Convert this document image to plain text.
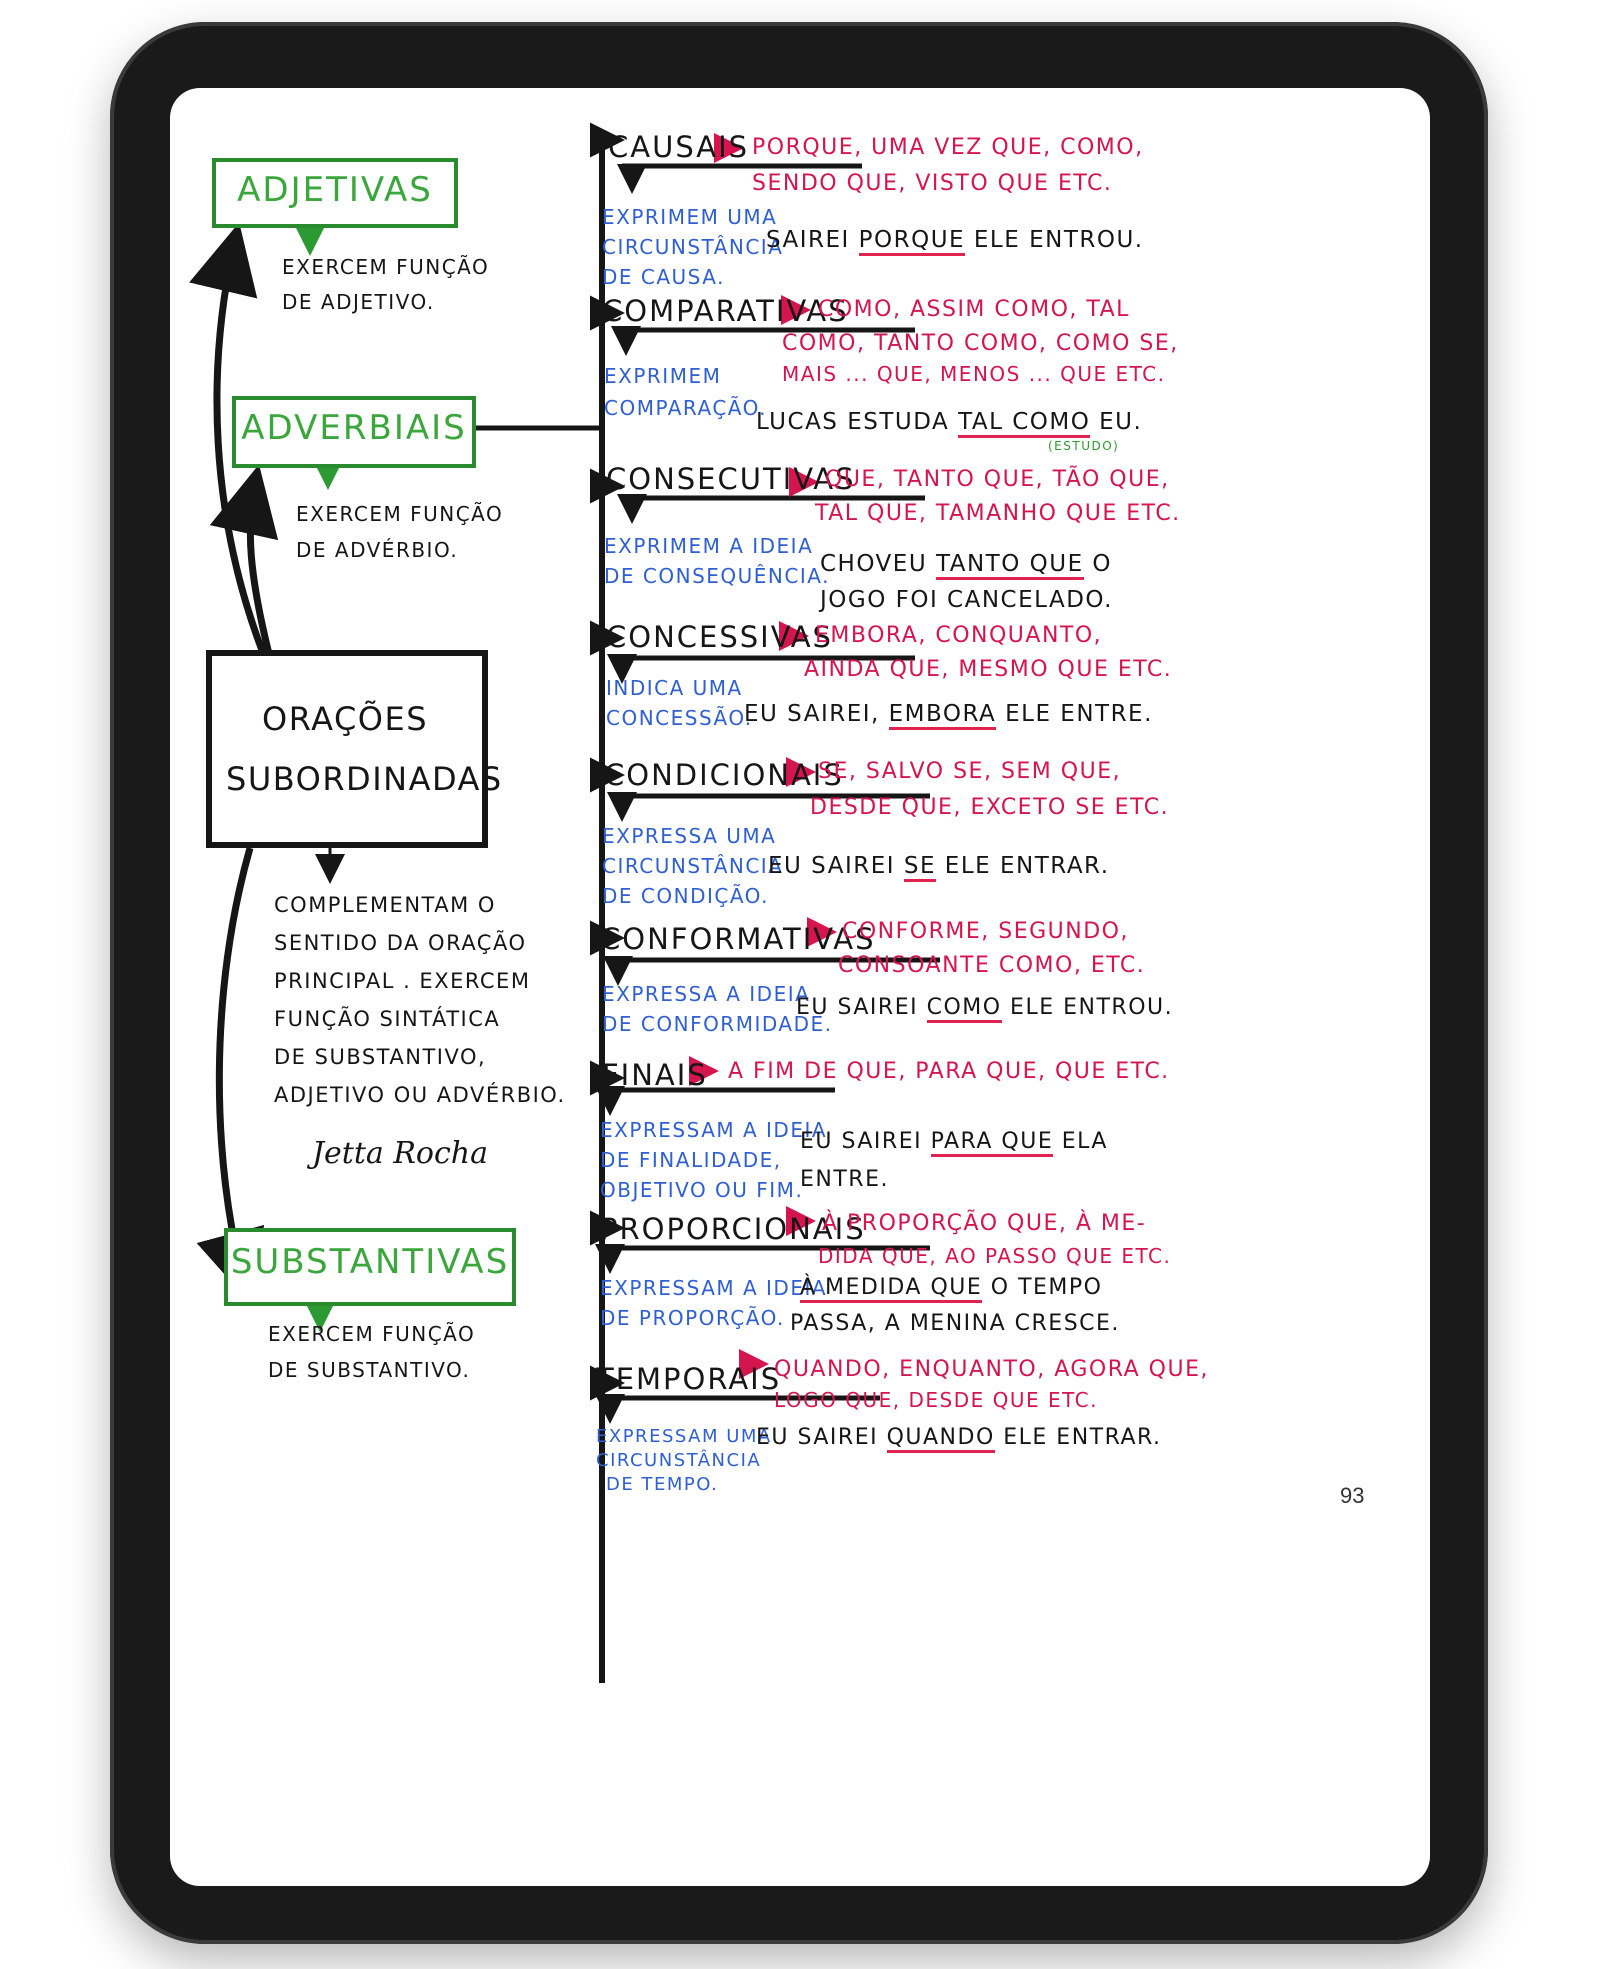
ADJETIVAS
EXERCEM FUNÇÃO
DE ADJETIVO.
ADVERBIAIS
EXERCEM FUNÇÃO
DE ADVÉRBIO.
ORAÇÕES
SUBORDINADAS
COMPLEMENTAM O
SENTIDO DA ORAÇÃO
PRINCIPAL . EXERCEM
FUNÇÃO SINTÁTICA
DE SUBSTANTIVO,
ADJETIVO OU ADVÉRBIO.
Jetta Rocha
SUBSTANTIVAS
EXERCEM FUNÇÃO
DE SUBSTANTIVO.
CAUSAIS PORQUE, UMA VEZ QUE, COMO,
SENDO QUE, VISTO QUE ETC.
EXPRIMEM UMA
CIRCUNSTÂNCIA
DE CAUSA.
SAIREI PORQUE ELE ENTROU.
COMPARATIVAS
COMO, ASSIM COMO, TAL
COMO, TANTO COMO, COMO SE,
MAIS ... QUE, MENOS ... QUE ETC.
EXPRIMEM
COMPARAÇÃO.
LUCAS ESTUDA TAL COMO EU.
(ESTUDO)
CONSECUTIVAS
QUE, TANTO QUE, TÃO QUE,
TAL QUE, TAMANHO QUE ETC.
EXPRIMEM A IDEIA
DE CONSEQUÊNCIA.
CHOVEU TANTO QUE O
JOGO FOI CANCELADO.
CONCESSIVAS
EMBORA, CONQUANTO,
AINDA QUE, MESMO QUE ETC.
INDICA UMA
CONCESSÃO.
EU SAIREI, EMBORA ELE ENTRE.
CONDICIONAIS
SE, SALVO SE, SEM QUE,
DESDE QUE, EXCETO SE ETC.
EXPRESSA UMA
CIRCUNSTÂNCIA
DE CONDIÇÃO.
EU SAIREI SE ELE ENTRAR.
CONFORMATIVAS
CONFORME, SEGUNDO,
CONSOANTE COMO, ETC.
EXPRESSA A IDEIA
DE CONFORMIDADE.
EU SAIREI COMO ELE ENTROU.
FINAIS A FIM DE QUE, PARA QUE, QUE ETC.
EXPRESSAM A IDEIA
DE FINALIDADE,
OBJETIVO OU FIM.
EU SAIREI PARA QUE ELA
ENTRE.
PROPORCIONAIS
À PROPORÇÃO QUE, À ME-
DIDA QUE, AO PASSO QUE ETC.
EXPRESSAM A IDEIA
DE PROPORÇÃO.
À MEDIDA QUE O TEMPO
PASSA, A MENINA CRESCE.
TEMPORAIS
QUANDO, ENQUANTO, AGORA QUE,
LOGO QUE, DESDE QUE ETC.
EXPRESSAM UMA
CIRCUNSTÂNCIA
DE TEMPO.
EU SAIREI QUANDO ELE ENTRAR.
93
